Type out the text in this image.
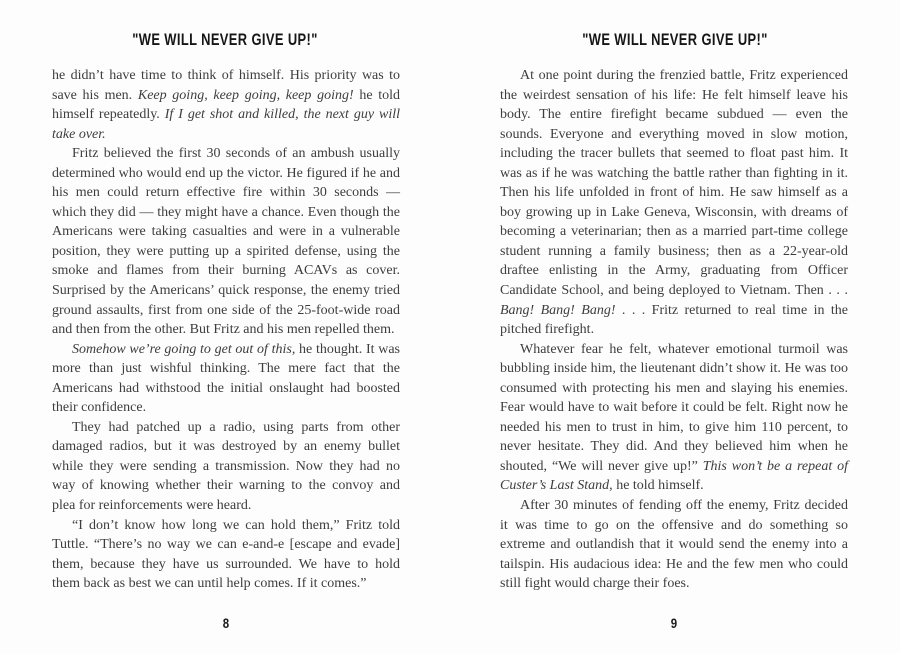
"WE WILL NEVER GIVE UP!"

he didn’t have time to think of himself. His priority was to save his men. Keep going, keep going, keep going! he told himself repeatedly. If I get shot and killed, the next guy will take over.

Fritz believed the first 30 seconds of an ambush usually determined who would end up the victor. He figured if he and his men could return effective fire within 30 seconds — which they did — they might have a chance. Even though the Americans were taking casualties and were in a vulnerable position, they were putting up a spirited defense, using the smoke and flames from their burning ACAVs as cover. Surprised by the Americans’ quick response, the enemy tried ground assaults, first from one side of the 25-foot-wide road and then from the other. But Fritz and his men repelled them.

Somehow we’re going to get out of this, he thought. It was more than just wishful thinking. The mere fact that the Americans had withstood the initial onslaught had boosted their confidence.

They had patched up a radio, using parts from other damaged radios, but it was destroyed by an enemy bullet while they were sending a transmission. Now they had no way of knowing whether their warning to the convoy and plea for reinforcements were heard.

“I don’t know how long we can hold them,” Fritz told Tuttle. “There’s no way we can e-and-e [escape and evade] them, because they have us surrounded. We have to hold them back as best we can until help comes. If it comes.”

8
"WE WILL NEVER GIVE UP!"

At one point during the frenzied battle, Fritz experienced the weirdest sensation of his life: He felt himself leave his body. The entire firefight became subdued — even the sounds. Everyone and everything moved in slow motion, including the tracer bullets that seemed to float past him. It was as if he was watching the battle rather than fighting in it. Then his life unfolded in front of him. He saw himself as a boy growing up in Lake Geneva, Wisconsin, with dreams of becoming a veterinarian; then as a married part-time college student running a family business; then as a 22-year-old draftee enlisting in the Army, graduating from Officer Candidate School, and being deployed to Vietnam. Then . . . Bang! Bang! Bang! . . . Fritz returned to real time in the pitched firefight.

Whatever fear he felt, whatever emotional turmoil was bubbling inside him, the lieutenant didn’t show it. He was too consumed with protecting his men and slaying his enemies. Fear would have to wait before it could be felt. Right now he needed his men to trust in him, to give him 110 percent, to never hesitate. They did. And they believed him when he shouted, “We will never give up!” This won’t be a repeat of Custer’s Last Stand, he told himself.

After 30 minutes of fending off the enemy, Fritz decided it was time to go on the offensive and do something so extreme and outlandish that it would send the enemy into a tailspin. His audacious idea: He and the few men who could still fight would charge their foes.

9
